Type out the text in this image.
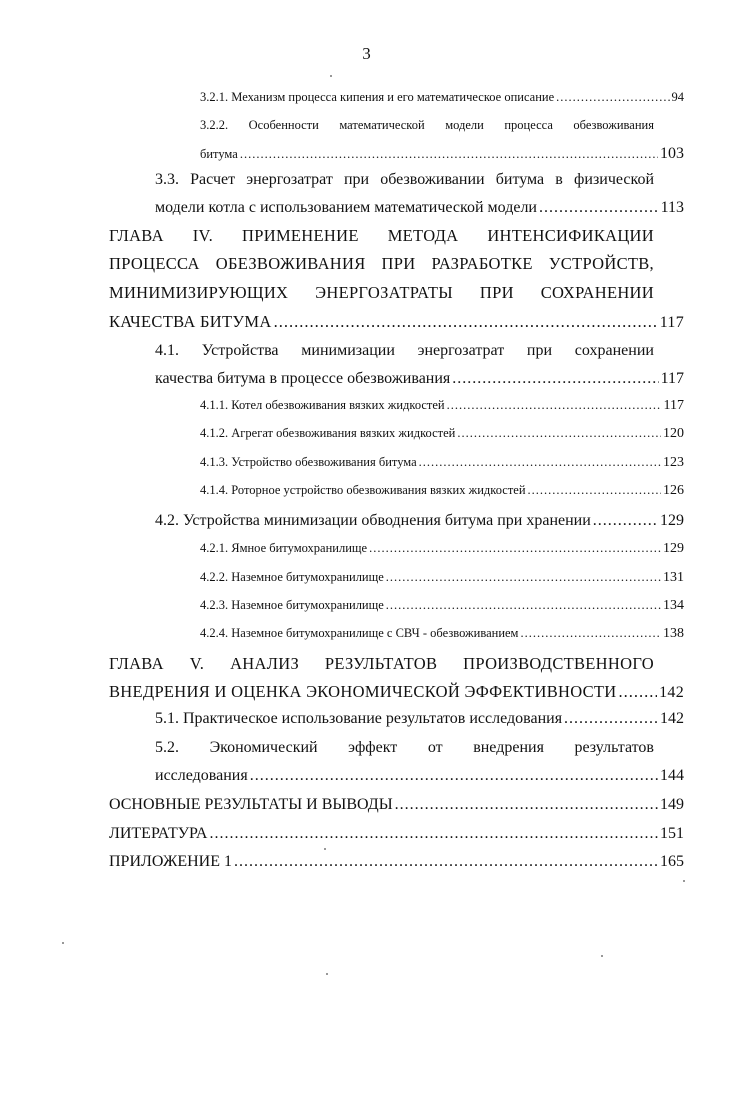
3
3.2.1. Механизм процесса кипения и его математическое описание .....	94
3.2.2. Особенности математической модели процесса обезвоживания
битума .....	103
3.3. Расчет энергозатрат при обезвоживании битума в физической
модели котла с использованием математической модели .....	113
ГЛАВА IV. ПРИМЕНЕНИЕ МЕТОДА ИНТЕНСИФИКАЦИИ
ПРОЦЕССА ОБЕЗВОЖИВАНИЯ ПРИ РАЗРАБОТКЕ УСТРОЙСТВ,
МИНИМИЗИРУЮЩИХ ЭНЕРГОЗАТРАТЫ ПРИ СОХРАНЕНИИ
КАЧЕСТВА БИТУМА .....	117
4.1. Устройства минимизации энергозатрат при сохранении
качества битума в процессе обезвоживания .....	117
4.1.1. Котел обезвоживания вязких жидкостей .....	117
4.1.2. Агрегат обезвоживания вязких жидкостей .....	120
4.1.3. Устройство обезвоживания битума .....	123
4.1.4. Роторное устройство обезвоживания вязких жидкостей .....	126
4.2. Устройства минимизации обводнения битума при хранении .....	129
4.2.1. Ямное битумохранилище .....	129
4.2.2. Наземное битумохранилище .....	131
4.2.3. Наземное битумохранилище .....	134
4.2.4. Наземное битумохранилище с СВЧ - обезвоживанием .....	138
ГЛАВА V. АНАЛИЗ РЕЗУЛЬТАТОВ ПРОИЗВОДСТВЕННОГО
ВНЕДРЕНИЯ И ОЦЕНКА ЭКОНОМИЧЕСКОЙ ЭФФЕКТИВНОСТИ .....	142
5.1. Практическое использование результатов исследования .....	142
5.2. Экономический эффект от внедрения результатов
исследования .....	144
ОСНОВНЫЕ РЕЗУЛЬТАТЫ И ВЫВОДЫ .....	149
ЛИТЕРАТУРА .....	151
ПРИЛОЖЕНИЕ 1 .....	165
